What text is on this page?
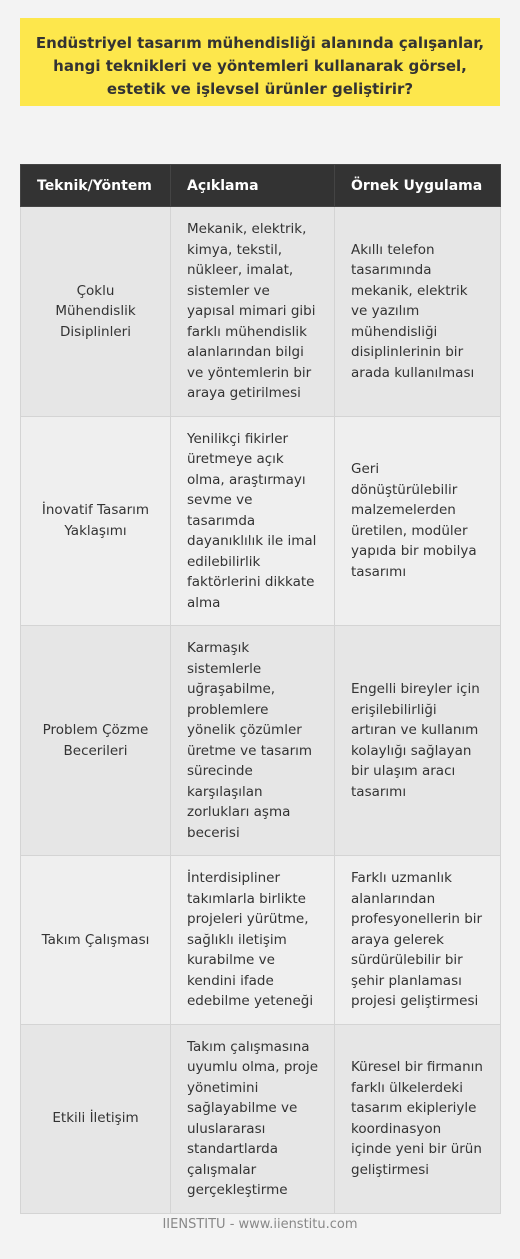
Endüstriyel tasarım mühendisliği alanında çalışanlar, hangi teknikleri ve yöntemleri kullanarak görsel, estetik ve işlevsel ürünler geliştirir?
Teknik/Yöntem	Açıklama	Örnek Uygulama
Çoklu Mühendislik Disiplinleri	Mekanik, elektrik, kimya, tekstil, nükleer, imalat, sistemler ve yapısal mimari gibi farklı mühendislik alanlarından bilgi ve yöntemlerin bir araya getirilmesi	Akıllı telefon tasarımında mekanik, elektrik ve yazılım mühendisliği disiplinlerinin bir arada kullanılması
İnovatif Tasarım Yaklaşımı	Yenilikçi fikirler üretmeye açık olma, araştırmayı sevme ve tasarımda dayanıklılık ile imal edilebilirlik faktörlerini dikkate alma	Geri dönüştürülebilir malzemelerden üretilen, modüler yapıda bir mobilya tasarımı
Problem Çözme Becerileri	Karmaşık sistemlerle uğraşabilme, problemlere yönelik çözümler üretme ve tasarım sürecinde karşılaşılan zorlukları aşma becerisi	Engelli bireyler için erişilebilirliği artıran ve kullanım kolaylığı sağlayan bir ulaşım aracı tasarımı
Takım Çalışması	İnterdisipliner takımlarla birlikte projeleri yürütme, sağlıklı iletişim kurabilme ve kendini ifade edebilme yeteneği	Farklı uzmanlık alanlarından profesyonellerin bir araya gelerek sürdürülebilir bir şehir planlaması projesi geliştirmesi
Etkili İletişim	Takım çalışmasına uyumlu olma, proje yönetimini sağlayabilme ve uluslararası standartlarda çalışmalar gerçekleştirme	Küresel bir firmanın farklı ülkelerdeki tasarım ekipleriyle koordinasyon içinde yeni bir ürün geliştirmesi
IIENSTITU - www.iienstitu.com
